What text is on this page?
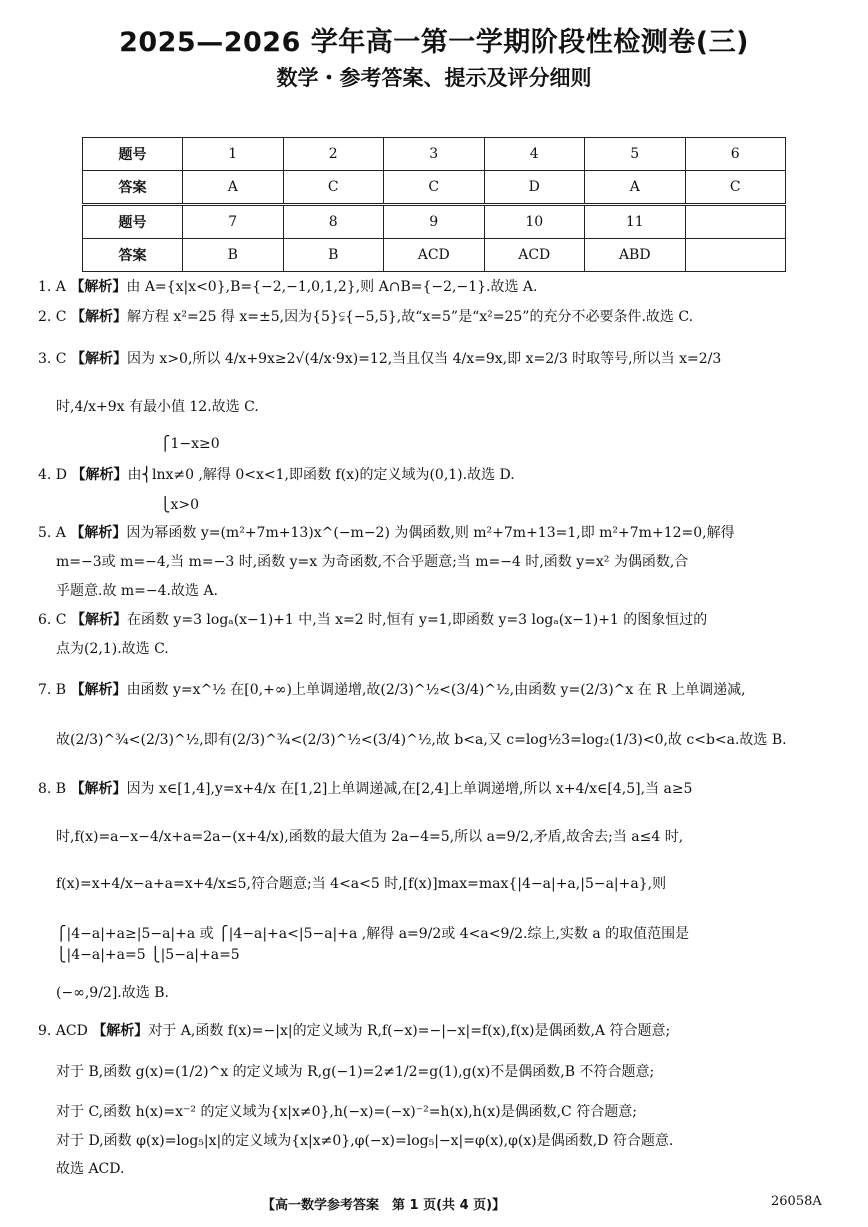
2025—2026 学年高一第一学期阶段性检测卷(三)
数学・参考答案、提示及评分细则
题号	1	2	3	4	5	6
答案	A	C	C	D	A	C
题号	7	8	9	10	11	
答案	B	B	ACD	ACD	ABD	
1. A 【解析】由 A={x|x<0},B={−2,−1,0,1,2},则 A∩B={−2,−1}.故选 A.
2. C 【解析】解方程 x²=25 得 x=±5,因为{5}⫋{−5,5},故“x=5”是“x²=25”的充分不必要条件.故选 C.
3. C 【解析】因为 x>0,所以 4/x+9x≥2√(4/x·9x)=12,当且仅当 4/x=9x,即 x=2/3 时取等号,所以当 x=2/3
时,4/x+9x 有最小值 12.故选 C.
⎧1−x≥0
4. D 【解析】由⎨lnx≠0 ,解得 0<x<1,即函数 f(x)的定义域为(0,1).故选 D.
⎩x>0
5. A 【解析】因为幂函数 y=(m²+7m+13)x^(−m−2) 为偶函数,则 m²+7m+13=1,即 m²+7m+12=0,解得
m=−3或 m=−4,当 m=−3 时,函数 y=x 为奇函数,不合乎题意;当 m=−4 时,函数 y=x² 为偶函数,合
乎题意.故 m=−4.故选 A.
6. C 【解析】在函数 y=3 logₐ(x−1)+1 中,当 x=2 时,恒有 y=1,即函数 y=3 logₐ(x−1)+1 的图象恒过的
点为(2,1).故选 C.
7. B 【解析】由函数 y=x^½ 在[0,+∞)上单调递增,故(2/3)^½<(3/4)^½,由函数 y=(2/3)^x 在 R 上单调递减,
故(2/3)^¾<(2/3)^½,即有(2/3)^¾<(2/3)^½<(3/4)^½,故 b<a,又 c=log½3=log₂(1/3)<0,故 c<b<a.故选 B.
8. B 【解析】因为 x∈[1,4],y=x+4/x 在[1,2]上单调递减,在[2,4]上单调递增,所以 x+4/x∈[4,5],当 a≥5
时,f(x)=a−x−4/x+a=2a−(x+4/x),函数的最大值为 2a−4=5,所以 a=9/2,矛盾,故舍去;当 a≤4 时,
f(x)=x+4/x−a+a=x+4/x≤5,符合题意;当 4<a<5 时,[f(x)]max=max{|4−a|+a,|5−a|+a},则
⎧|4−a|+a≥|5−a|+a 或 ⎧|4−a|+a<|5−a|+a ,解得 a=9/2或 4<a<9/2.综上,实数 a 的取值范围是
⎩|4−a|+a=5 ⎩|5−a|+a=5
(−∞,9/2].故选 B.
9. ACD 【解析】对于 A,函数 f(x)=−|x|的定义域为 R,f(−x)=−|−x|=f(x),f(x)是偶函数,A 符合题意;
对于 B,函数 g(x)=(1/2)^x 的定义域为 R,g(−1)=2≠1/2=g(1),g(x)不是偶函数,B 不符合题意;
对于 C,函数 h(x)=x⁻² 的定义域为{x|x≠0},h(−x)=(−x)⁻²=h(x),h(x)是偶函数,C 符合题意;
对于 D,函数 φ(x)=log₅|x|的定义域为{x|x≠0},φ(−x)=log₅|−x|=φ(x),φ(x)是偶函数,D 符合题意.
故选 ACD.
【高一数学参考答案　第 1 页(共 4 页)】	26058A
